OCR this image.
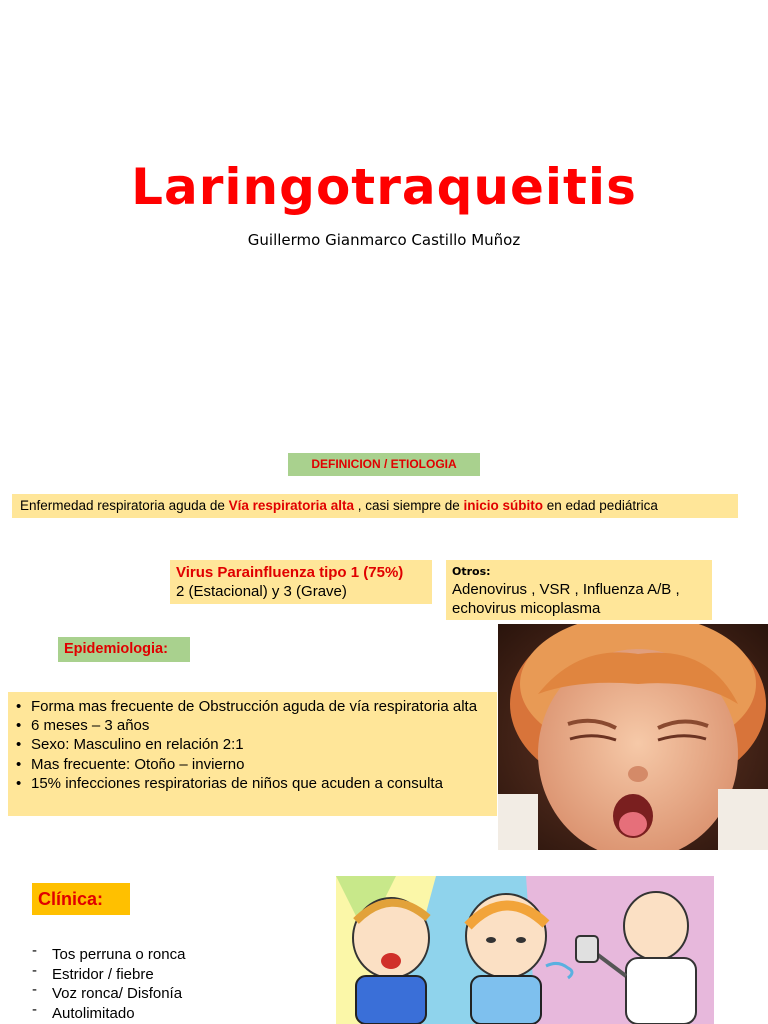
Laringotraqueitis
Guillermo Gianmarco Castillo Muñoz
DEFINICION / ETIOLOGIA
Enfermedad respiratoria aguda de Vía respiratoria alta , casi siempre de inicio súbito en edad pediátrica
Virus Parainfluenza tipo 1 (75%)
2 (Estacional) y 3 (Grave)
Otros:
Adenovirus , VSR , Influenza A/B , echovirus micoplasma
Epidemiologia:
• Forma mas frecuente de Obstrucción aguda de vía respiratoria alta
• 6 meses – 3 años
• Sexo: Masculino en relación 2:1
• Mas frecuente: Otoño – invierno
• 15% infecciones respiratorias de niños que acuden a consulta
Clínica:
- Tos perruna o ronca
- Estridor / fiebre
- Voz ronca/ Disfonía
- Autolimitado
